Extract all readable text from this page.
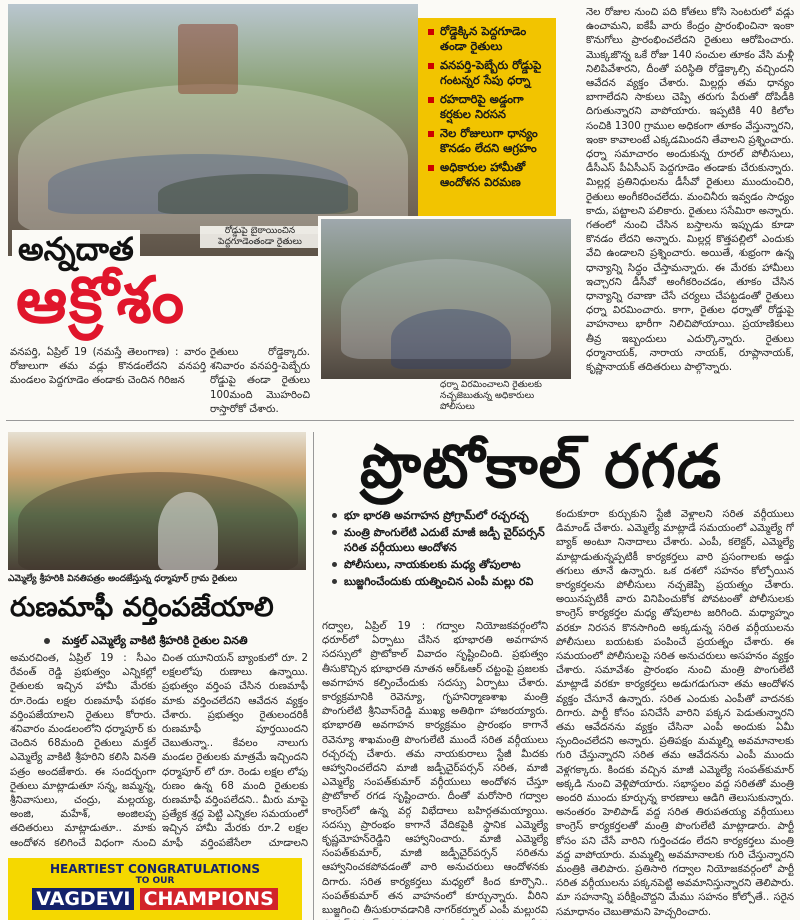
రోడ్డుపై బైఠాయించిన పెద్దగూడెంతండా రైతులు
రోడ్డెక్కిన పెద్దగూడెం తండా రైతులు
వనపర్తి-పెబ్బేరు రోడ్డుపై గంటన్నర సేపు ధర్నా
రహదారిపై అడ్డంగా కర్షకుల నిరసన
నెల రోజులుగా ధాన్యం కొనడం లేదని ఆగ్రహం
అధికారుల హామీతో ఆందోళన విరమణ
అన్నదాత
ఆక్రోశం
ధర్నా విరమించాలని రైతులకు నచ్చజెబుతున్న అధికారులు పోలీసులు
వనపర్తి, ఏప్రిల్ 19 (నమస్తే తెలంగాణ) : వారం రోజులుగా తమ వడ్లు కొనడంలేదని వనపర్తి మండలం పెద్దగూడెం తండాకు చెందిన గిరిజన
రైతులు రోడ్డెక్కారు. శనివారం వనపర్తి-పెబ్బేరు రోడ్డుపై తండా రైతులు 100మంది మొహరించి రాస్తారోకో చేశారు.
నెల రోజుల నుంచి పది కోతలు కోసి సెంటరులో వడ్లు ఉంచామని, ఐకేపీ వారు కేంద్రం ప్రారంభించినా ఇంకా కొనుగోలు ప్రారంభించలేదని రైతులు ఆరోపించారు. మొక్కజొన్న ఒకే రోజు 140 సంచుల తూకం వేసి మళ్లీ నిలిపివేశారని, దీంతో పరిస్థితి రోడ్డెక్కాల్సి వచ్చిందని ఆవేదన వ్యక్తం చేశారు. మిల్లర్లు తమ ధాన్యం బాగాలేదని సాకులు చెప్పి తరుగు పేరుతో దోపిడీకి దిగుతున్నారని వాపోయారు. ఇప్పటికి 40 కిలోల సంచికి 1300 గ్రాముల అధికంగా తూకం వేస్తున్నారని, ఇంకా కావాలంటే ఎక్కడమిందని తేవాలని ప్రశ్నించారు. ధర్నా సమాచారం అందుకున్న రూరల్ పోలీసులు, డీసీఎస్ పీఏసీఎస్ పెద్దగూడెం తండాకు చేరుకున్నారు. మిల్లర్ల ప్రతినిధులను డీసీవో రైతులు ముందుంచిరి, రైతులు అంగీకరించలేదు. మంచినీరు ఇవ్వడం సాధ్యం కాదు, పట్టాలని పలికారు. రైతులు ససేమిరా అన్నారు. గతంలో నుంచి చేసిన బస్తాలను ఇప్పుడు కూడా కొనడం లేదని అన్నారు. మిల్లర్ల కొత్తపల్లిలో ఎందుకు వేచి ఉండాలని ప్రశ్నించారు. అయితే, శుభ్రంగా ఉన్న ధాన్యాన్ని సిద్ధం చేస్తామన్నారు. ఈ మేరకు హామీలు ఇచ్చారని డీసీవో అంగీకరించడం, తూకం చేసిన ధాన్యాన్ని రవాణా చేసే చర్యలు చేపట్టడంతో రైతులు ధర్నా విరమించారు. కాగా, రైతుల ధర్నాతో రోడ్డుపై వాహనాలు భారీగా నిలిచిపోయాయి. ప్రయాణికులు తీవ్ర ఇబ్బందులు ఎదుర్కొన్నారు. రైతులు ధర్మానాయక్, నారాయ నాయక్, రూప్లానాయక్, కృష్ణానాయక్ తదితరులు పాల్గొన్నారు.
ఎమ్మెల్యే శ్రీహరికి వినతిపత్రం అందజేస్తున్న ధర్మాపూర్ గ్రామ రైతులు
రుణమాఫీ వర్తింపజేయాలి
మక్తల్ ఎమ్మెల్యే వాకిటి శ్రీహరికి రైతుల వినతి
అమరచింత, ఏప్రిల్ 19 : సీఎం రేవంత్ రెడ్డి ప్రభుత్వం ఎన్నికల్లో రైతులకు ఇచ్చిన హామీ మేరకు రూ.రెండు లక్షల రుణమాఫీ పథకం వర్తింపజేయాలని రైతులు కోరారు. శనివారం మండలంలోని ధర్మాపూర్ కు చెందిన 68మంది రైతులు మక్తల్ ఎమ్మెల్యే వాకిటి శ్రీహరిని కలిసి వినతి పత్రం అందజేశారు. ఈ సందర్భంగా రైతులు మాట్లాడుతూ సన్న, జమ్మన్న, శ్రీనివాసులు, చంద్రు, మల్లయ్య, అంజి, మహేశ్, అంజిలప్ప తదితరులు మాట్లాడుతూ.. మాకు ఆందోళన కలిగించే విధంగా నుంచి
చింత యూనియన్ బ్యాంకులో రూ. 2 లక్షలలోపు రుణాలు ఉన్నాయి. ప్రభుత్వం వర్తింప చేసిన రుణమాఫీ మాకు వర్తించలేదని ఆవేదన వ్యక్తం చేశారు. ప్రభుత్వం రైతులందరికీ రుణమాఫీ పూర్తయిందని చెబుతున్నా.. కేవలం నాలుగు మండల రైతులకు మాత్రమే ఇచ్చిందని ధర్మాపూర్ లో రూ. రెండు లక్షల లోపు రుణం ఉన్న 68 మంది రైతులకు రుణమాఫీ వర్తింపలేదని.. మీరు మాపై ప్రత్యేక శ్రద్ధ పెట్టి ఎన్నికల సమయంలో ఇచ్చిన హామీ మేరకు రూ.2 లక్షల మాఫీ వర్తింపజేసేలా చూడాలని
HEARTIEST CONGRATULATIONS
TO OUR
VAGDEVI CHAMPIONS
ప్రొటోకాల్ రగడ
భూ భారతి అవగాహన ప్రోగ్రామ్‌లో రచ్చరచ్చ
మంత్రి పొంగులేటి ఎదుటే మాజీ జడ్పీ చైర్‌పర్సన్ సరిత వర్గీయులు ఆందోళన
పోలీసులు, నాయకులకు మధ్య తోపులాట
బుజ్జగించేందుకు యత్నించిన ఎంపీ మల్లు రవి
గద్వాల, ఏప్రిల్ 19 : గద్వాల నియోజకవర్గంలోని ధరూర్‌లో ఏర్పాటు చేసిన భూభారతి అవగాహన సదస్సులో ప్రొటోకాల్ వివాదం సృష్టించింది. ప్రభుత్వం తీసుకొచ్చిన భూభారతి నూతన ఆర్‌ఓఆర్ చట్టంపై ప్రజలకు అవగాహన కల్పించేందుకు సదస్సు ఏర్పాటు చేశారు. కార్యక్రమానికి రెవెన్యూ, గృహనిర్మాణశాఖ మంత్రి పొంగులేటి శ్రీనివాస్‌రెడ్డి ముఖ్య అతిథిగా హాజరయ్యారు. భూభారతి అవగాహన కార్యక్రమం ప్రారంభం కాగానే రెవెన్యూ శాఖమంత్రి పొంగులేటి ముందే సరిత వర్గీయులు రచ్చరచ్చ చేశారు. తమ నాయకురాలు స్టేజీ మీదకు ఆహ్వానించలేదని మాజీ జడ్పీచైర్‌పర్సన్ సరిత, మాజీ ఎమ్మెల్యే సంపత్‌కుమార్ వర్గీయులు అందోళన చేస్తూ ప్రొటోకాల్ రగడ సృష్టించారు. దీంతో మరోసారి గద్వాల కాంగ్రెస్‌లో ఉన్న వర్గ విభేదాలు బహిర్గతమయ్యాయి. సదస్సు ప్రారంభం కాగానే వేదికపైకి స్థానిక ఎమ్మెల్యే కృష్ణమోహన్‌రెడ్డిని ఆహ్వానించారు. మాజీ ఎమ్మెల్యే సంపత్‌కుమార్, మాజీ జడ్పీచైర్‌పర్సన్ సరితను ఆహ్వానించకపోవడంతో వారి అనుచరులు ఆందోళనకు దిగారు. సరిత కార్యకర్తలు మధ్యలో కింద కూర్చొని.. సంపత్‌కుమార్ తన వాహనంలో కూర్చున్నారు. వీరిని బుజ్జగించి తీసుకురావడానికి నాగర్‌కర్నూల్ ఎంపీ మల్లురవి
కందుకూరా కుర్చుకుని స్టేజీ వెళ్లాలని సరిత వర్గీయులు డిమాండ్ చేశారు. ఎమ్మెల్యే మాట్లాడే సమయంలో ఎమ్మెల్యే గో బ్యాక్ అంటూ నినాదాలు చేశారు. ఎంపీ, కలెక్టర్, ఎమ్మెల్యే మాట్లాడుతున్నప్పటికీ కార్యకర్తలు వారి ప్రసంగాలకు అడ్డు తగులు తూనే ఉన్నారు. ఒక దశలో సహనం కోల్పోయిన కార్యకర్తలను పోలీసులు నచ్చజెప్పి ప్రయత్నం చేశారు. అయినప్పటికీ వారు వినిపించుకోక పోవటంతో పోలీసులకు కాంగ్రెస్ కార్యకర్తల మధ్య తోపులాట జరిగింది. మధ్యాహ్నం వరకూ నిరసన కొనసాగింది అక్కడున్న సరిత వర్గీయులను పోలీసులు బయటకు పంపించే ప్రయత్నం చేశారు. ఈ సమయంలో పోలీసులపై సరిత అనుచరులు అసహనం వ్యక్తం చేశారు. సమావేశం ప్రారంభం నుంచి మంత్రి పొంగులేటి మాట్లాడే వరకూ కార్యకర్తలు అడుగడుగునా తమ ఆందోళన వ్యక్తం చేసూనే ఉన్నారు. సరిత ఎందుకు ఎంపీతో వాదనకు దిగారు. పార్టీ కోసం పనిచేసే వారిని పక్కన పెడుతున్నారని తమ ఆవేదనను వ్యక్తం చేసినా ఎంపీ అందుకు ఏమీ స్పందించలేదని అన్నారు. ప్రతిపక్షం మమ్మల్ని అవమానాలకు గురి చేస్తున్నారని సరిత తమ ఆవేదనను ఎంపీ ముందు వెళ్లగక్కారు. కిందకు వచ్చిన మాజీ ఎమ్మెల్యే సంపత్‌కుమార్ అక్కడి నుంచి వెళ్లిపోయారు. సభాస్థలం వద్ద సరితతో మంత్రి అందరి ముందు కూర్చున్న కారణాలు ఆడిగి తెలుసుకున్నారు. అనంతరం హెలిపాడ్ వద్ద సరిత తిరుపతయ్య వర్గీయులు కాంగ్రెస్ కార్యకర్తలతో మంత్రి పొంగులేటి మాట్లాడారు. పార్టీ కోసం పని చేసే వారిని గుర్తించడం లేదని కార్యకర్తలు మంత్రి వద్ద వాపోయారు. మమ్మల్ని అవమానాలకు గురి చేస్తున్నారని మంత్రికి తెలిపారు. ప్రతిసారి గద్వాల నియోజకవర్గంలో పార్టీ సరిత వర్గీయులను పక్కనపెట్టి అవమానిస్తున్నారని తెలిపారు. మా సహనాన్ని పరీక్షించొద్దని మేము సహనం కోల్పోతే.. సరైన సమాధానం చెబుతామని హెచ్చరించారు.
